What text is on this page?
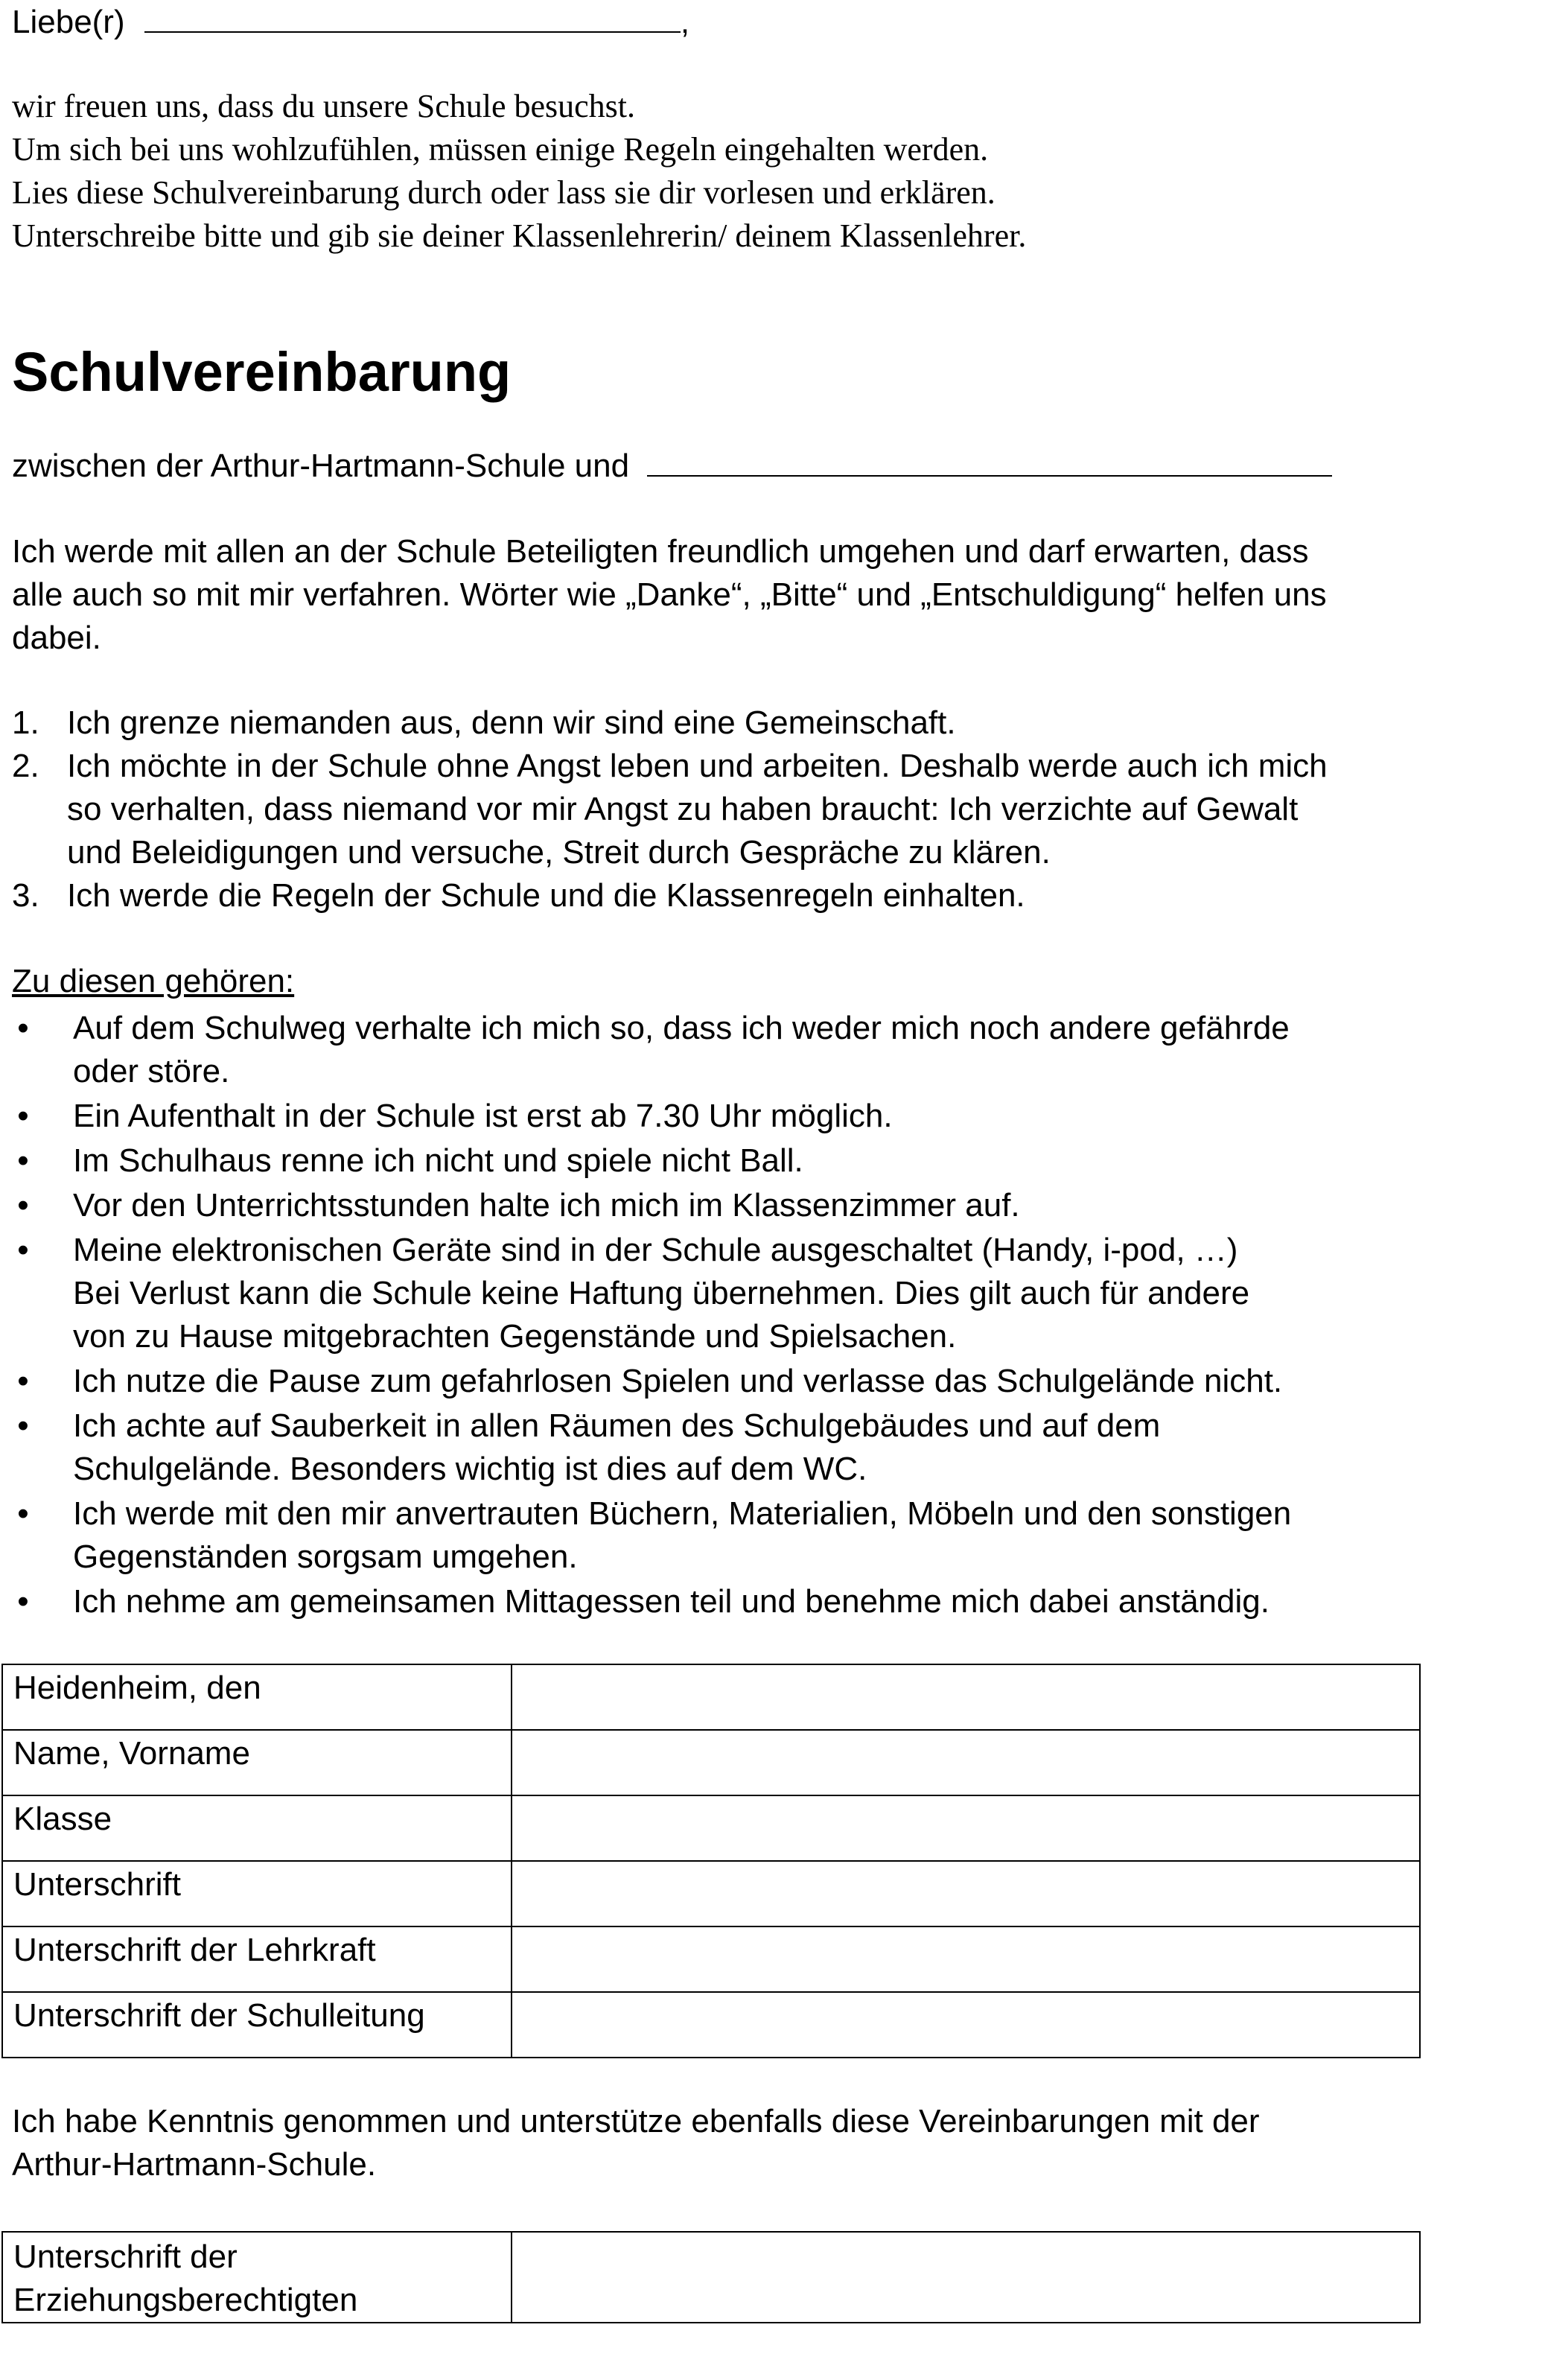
Liebe(r)	,
wir freuen uns, dass du unsere Schule besuchst.
Um sich bei uns wohlzufühlen, müssen einige Regeln eingehalten werden.
Lies diese Schulvereinbarung durch oder lass sie dir vorlesen und erklären.
Unterschreibe bitte und gib sie deiner Klassenlehrerin/ deinem Klassenlehrer.
Schulvereinbarung
zwischen der Arthur-Hartmann-Schule und
Ich werde mit allen an der Schule Beteiligten freundlich umgehen und darf erwarten, dass
alle auch so mit mir verfahren. Wörter wie „Danke“, „Bitte“ und „Entschuldigung“ helfen uns
dabei.
1. Ich grenze niemanden aus, denn wir sind eine Gemeinschaft.
2. Ich möchte in der Schule ohne Angst leben und arbeiten. Deshalb werde auch ich mich
so verhalten, dass niemand vor mir Angst zu haben braucht: Ich verzichte auf Gewalt
und Beleidigungen und versuche, Streit durch Gespräche zu klären.
3. Ich werde die Regeln der Schule und die Klassenregeln einhalten.
Zu diesen gehören:
• Auf dem Schulweg verhalte ich mich so, dass ich weder mich noch andere gefährde
oder störe.
• Ein Aufenthalt in der Schule ist erst ab 7.30 Uhr möglich.
• Im Schulhaus renne ich nicht und spiele nicht Ball.
• Vor den Unterrichtsstunden halte ich mich im Klassenzimmer auf.
• Meine elektronischen Geräte sind in der Schule ausgeschaltet (Handy, i-pod, …)
Bei Verlust kann die Schule keine Haftung übernehmen. Dies gilt auch für andere
von zu Hause mitgebrachten Gegenstände und Spielsachen.
• Ich nutze die Pause zum gefahrlosen Spielen und verlasse das Schulgelände nicht.
• Ich achte auf Sauberkeit in allen Räumen des Schulgebäudes und auf dem
Schulgelände. Besonders wichtig ist dies auf dem WC.
• Ich werde mit den mir anvertrauten Büchern, Materialien, Möbeln und den sonstigen
Gegenständen sorgsam umgehen.
• Ich nehme am gemeinsamen Mittagessen teil und benehme mich dabei anständig.
Heidenheim, den	
Name, Vorname	
Klasse	
Unterschrift	
Unterschrift der Lehrkraft	
Unterschrift der Schulleitung	
Ich habe Kenntnis genommen und unterstütze ebenfalls diese Vereinbarungen mit der
Arthur-Hartmann-Schule.
Unterschrift der
Erziehungsberechtigten
